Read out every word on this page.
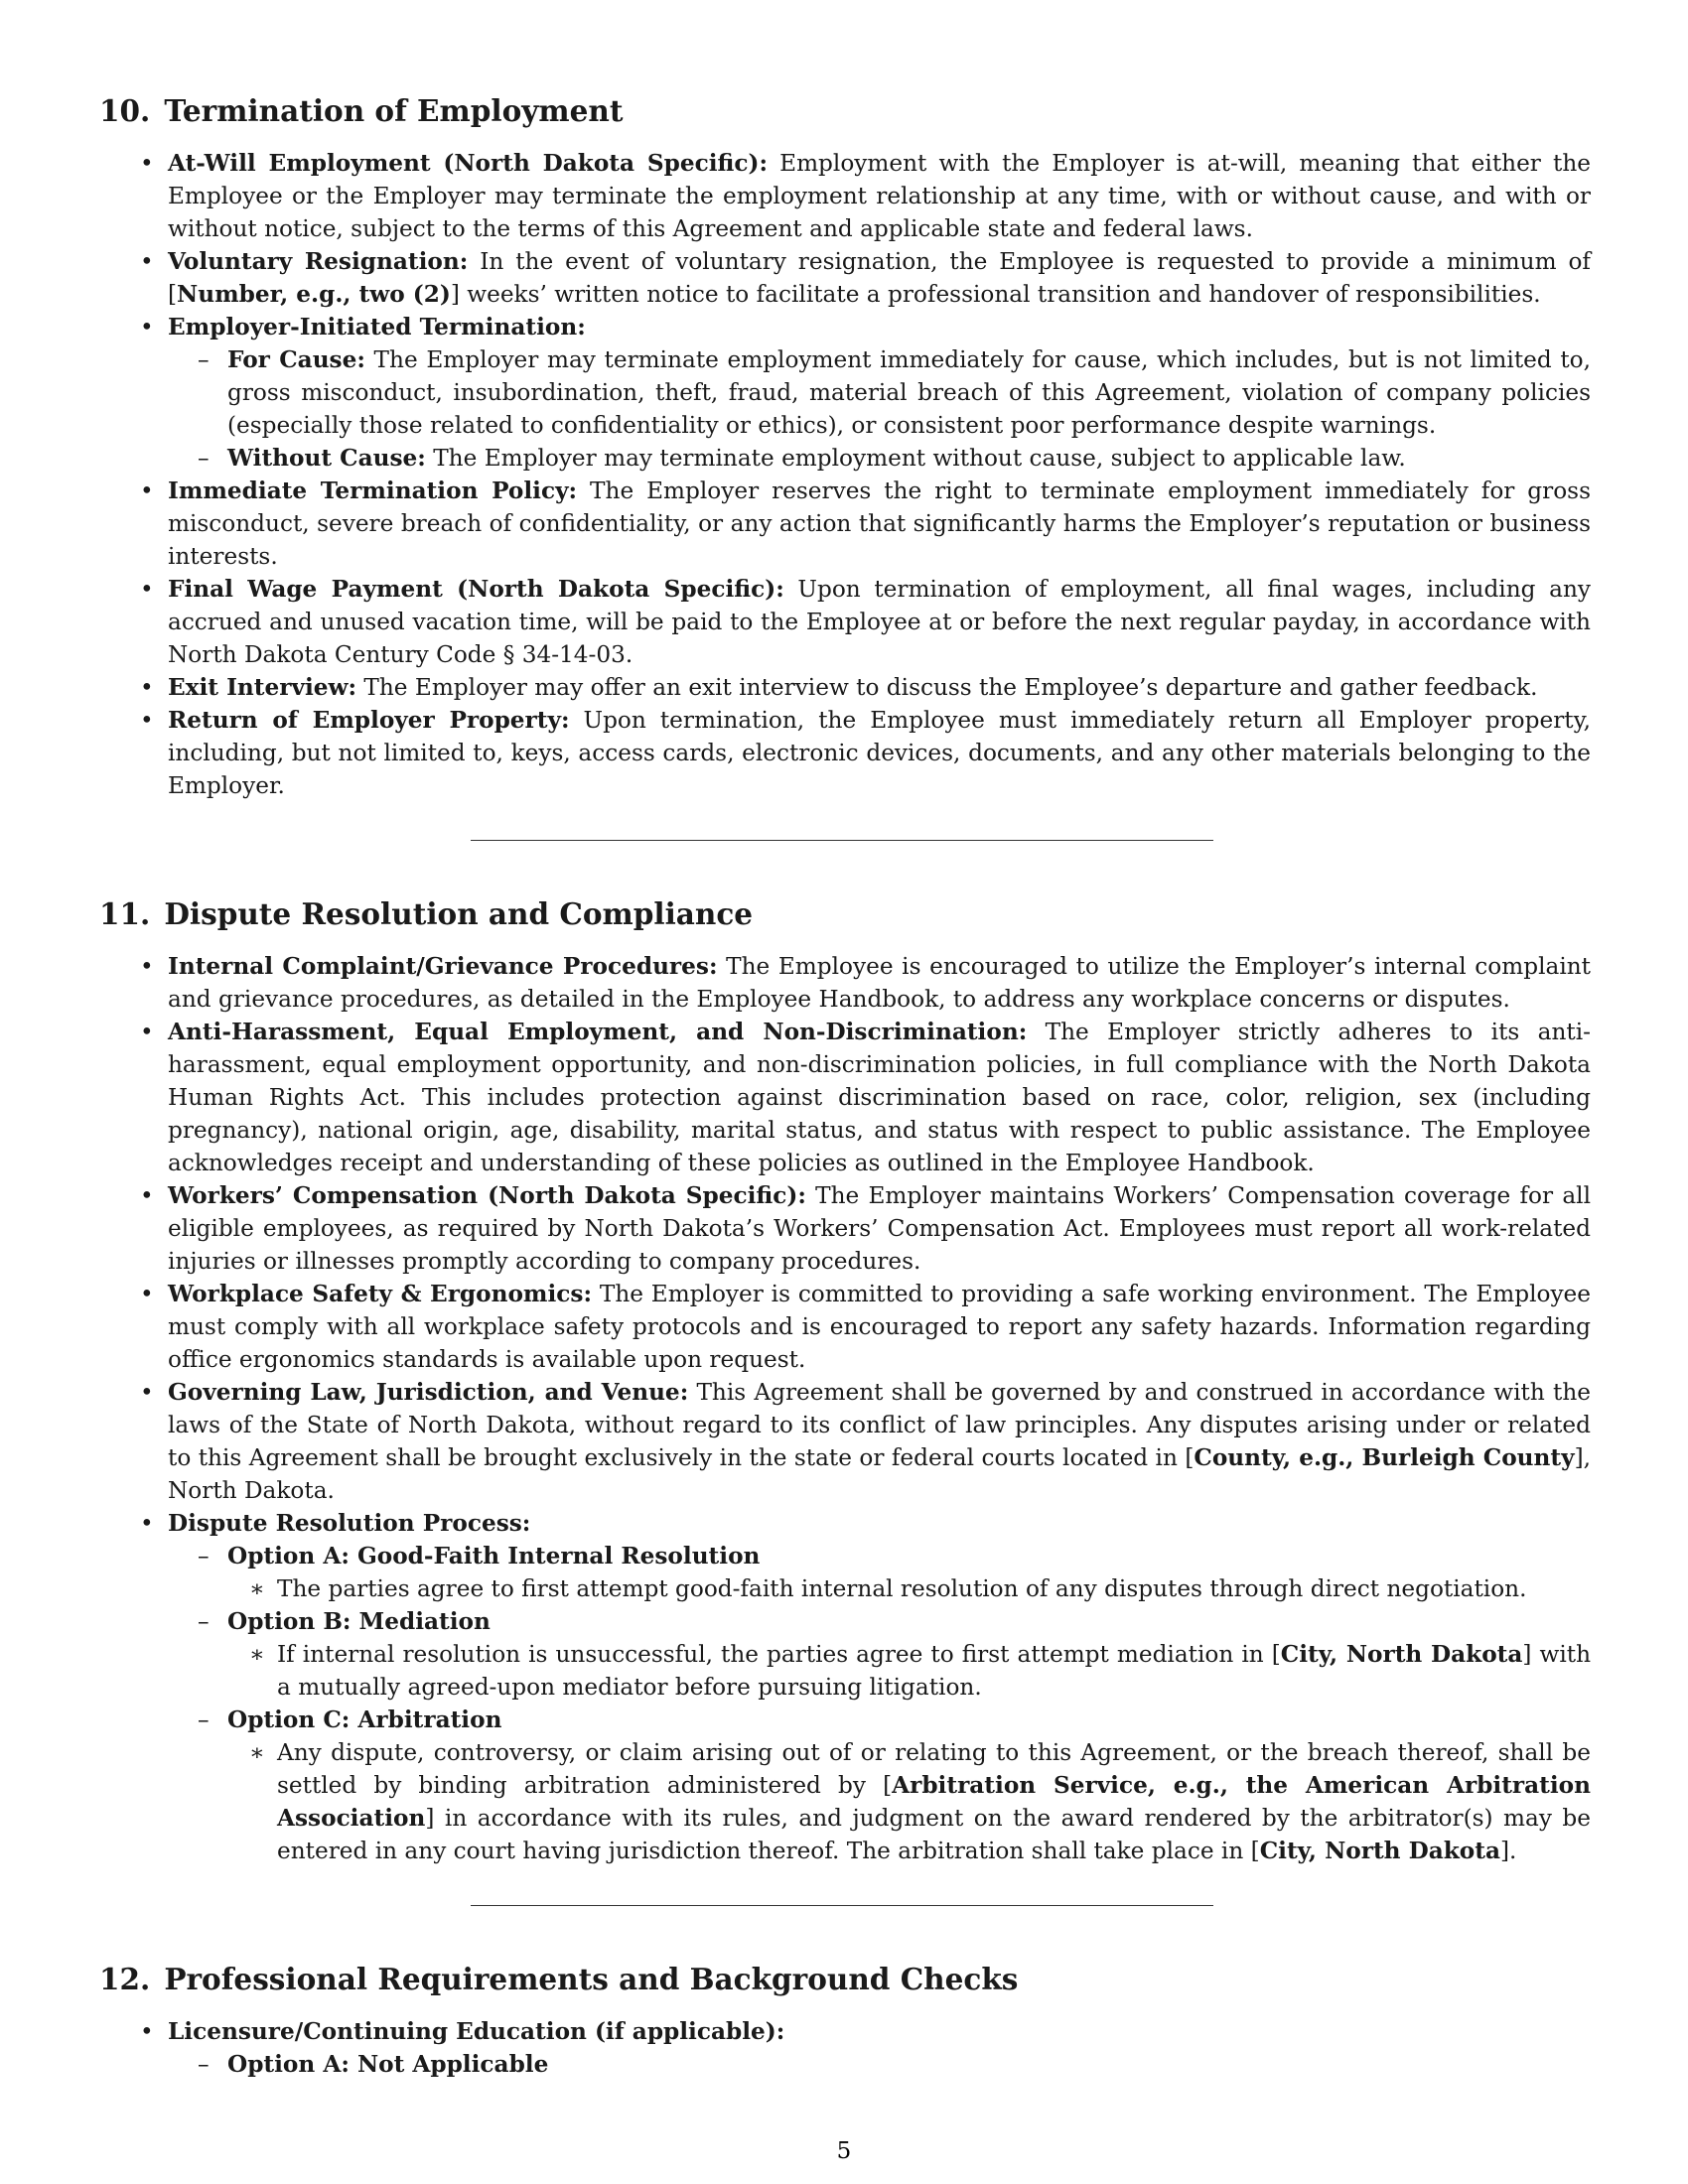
10. Termination of Employment
• At-Will Employment (North Dakota Specific): Employment with the Employer is at-will, meaning that either the Employee or the Employer may terminate the employment relationship at any time, with or without cause, and with or without notice, subject to the terms of this Agreement and applicable state and federal laws.
• Voluntary Resignation: In the event of voluntary resignation, the Employee is requested to provide a minimum of [Number, e.g., two (2)] weeks’ written notice to facilitate a professional transition and handover of responsibilities.
• Employer-Initiated Termination:
– For Cause: The Employer may terminate employment immediately for cause, which includes, but is not limited to, gross misconduct, insubordination, theft, fraud, material breach of this Agreement, violation of company policies (especially those related to confidentiality or ethics), or consistent poor performance despite warnings.
– Without Cause: The Employer may terminate employment without cause, subject to applicable law.
• Immediate Termination Policy: The Employer reserves the right to terminate employment immediately for gross misconduct, severe breach of confidentiality, or any action that significantly harms the Employer’s reputation or business interests.
• Final Wage Payment (North Dakota Specific): Upon termination of employment, all final wages, including any accrued and unused vacation time, will be paid to the Employee at or before the next regular payday, in accordance with North Dakota Century Code § 34-14-03.
• Exit Interview: The Employer may offer an exit interview to discuss the Employee’s departure and gather feedback.
• Return of Employer Property: Upon termination, the Employee must immediately return all Employer property, including, but not limited to, keys, access cards, electronic devices, documents, and any other materials belonging to the Employer.
11. Dispute Resolution and Compliance
• Internal Complaint/Grievance Procedures: The Employee is encouraged to utilize the Employer’s internal complaint and grievance procedures, as detailed in the Employee Handbook, to address any workplace concerns or disputes.
• Anti-Harassment, Equal Employment, and Non-Discrimination: The Employer strictly adheres to its anti-harassment, equal employment opportunity, and non-discrimination policies, in full compliance with the North Dakota Human Rights Act. This includes protection against discrimination based on race, color, religion, sex (including pregnancy), national origin, age, disability, marital status, and status with respect to public assistance. The Employee acknowledges receipt and understanding of these policies as outlined in the Employee Handbook.
• Workers’ Compensation (North Dakota Specific): The Employer maintains Workers’ Compensation coverage for all eligible employees, as required by North Dakota’s Workers’ Compensation Act. Employees must report all work-related injuries or illnesses promptly according to company procedures.
• Workplace Safety & Ergonomics: The Employer is committed to providing a safe working environment. The Employee must comply with all workplace safety protocols and is encouraged to report any safety hazards. Information regarding office ergonomics standards is available upon request.
• Governing Law, Jurisdiction, and Venue: This Agreement shall be governed by and construed in accordance with the laws of the State of North Dakota, without regard to its conflict of law principles. Any disputes arising under or related to this Agreement shall be brought exclusively in the state or federal courts located in [County, e.g., Burleigh County], North Dakota.
• Dispute Resolution Process:
– Option A: Good-Faith Internal Resolution
∗ The parties agree to first attempt good-faith internal resolution of any disputes through direct negotiation.
– Option B: Mediation
∗ If internal resolution is unsuccessful, the parties agree to first attempt mediation in [City, North Dakota] with a mutually agreed-upon mediator before pursuing litigation.
– Option C: Arbitration
∗ Any dispute, controversy, or claim arising out of or relating to this Agreement, or the breach thereof, shall be settled by binding arbitration administered by [Arbitration Service, e.g., the American Arbitration Association] in accordance with its rules, and judgment on the award rendered by the arbitrator(s) may be entered in any court having jurisdiction thereof. The arbitration shall take place in [City, North Dakota].
12. Professional Requirements and Background Checks
• Licensure/Continuing Education (if applicable):
– Option A: Not Applicable
5
